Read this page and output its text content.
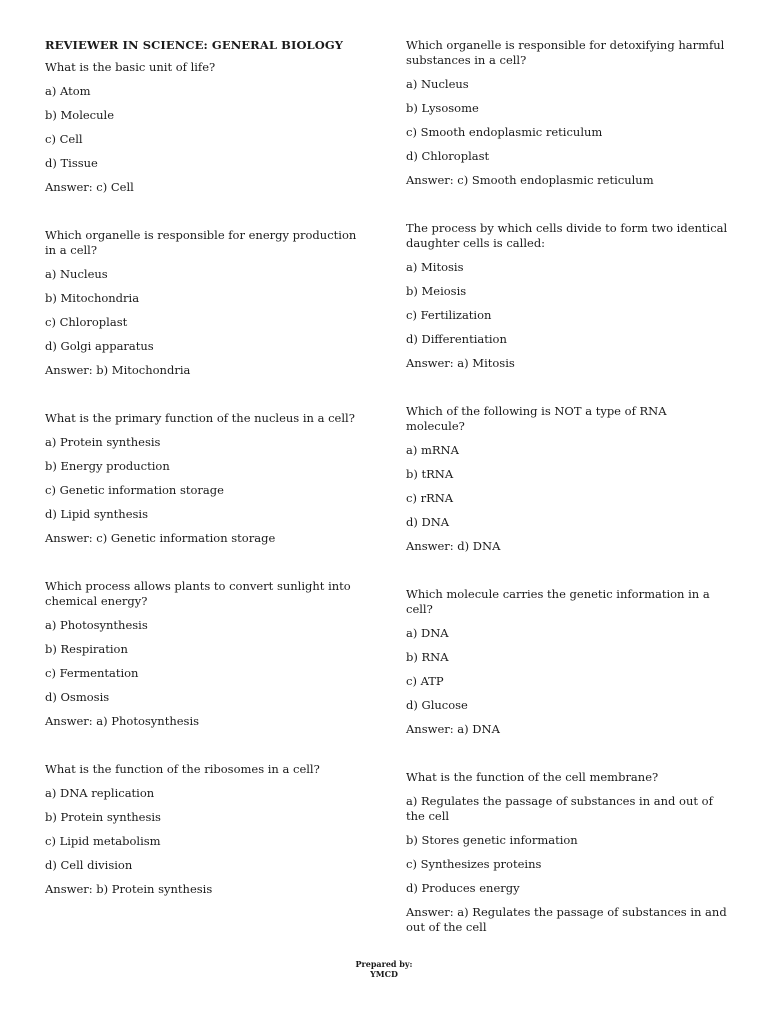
REVIEWER IN SCIENCE: GENERAL BIOLOGY
What is the basic unit of life?
a) Atom
b) Molecule
c) Cell
d) Tissue
Answer: c) Cell
Which organelle is responsible for energy production in a cell?
a) Nucleus
b) Mitochondria
c) Chloroplast
d) Golgi apparatus
Answer: b) Mitochondria
What is the primary function of the nucleus in a cell?
a) Protein synthesis
b) Energy production
c) Genetic information storage
d) Lipid synthesis
Answer: c) Genetic information storage
Which process allows plants to convert sunlight into chemical energy?
a) Photosynthesis
b) Respiration
c) Fermentation
d) Osmosis
Answer: a) Photosynthesis
What is the function of the ribosomes in a cell?
a) DNA replication
b) Protein synthesis
c) Lipid metabolism
d) Cell division
Answer: b) Protein synthesis
Which organelle is responsible for detoxifying harmful substances in a cell?
a) Nucleus
b) Lysosome
c) Smooth endoplasmic reticulum
d) Chloroplast
Answer: c) Smooth endoplasmic reticulum
The process by which cells divide to form two identical daughter cells is called:
a) Mitosis
b) Meiosis
c) Fertilization
d) Differentiation
Answer: a) Mitosis
Which of the following is NOT a type of RNA molecule?
a) mRNA
b) tRNA
c) rRNA
d) DNA
Answer: d) DNA
Which molecule carries the genetic information in a cell?
a) DNA
b) RNA
c) ATP
d) Glucose
Answer: a) DNA
What is the function of the cell membrane?
a) Regulates the passage of substances in and out of the cell
b) Stores genetic information
c) Synthesizes proteins
d) Produces energy
Answer: a) Regulates the passage of substances in and out of the cell
Prepared by:
YMCD
